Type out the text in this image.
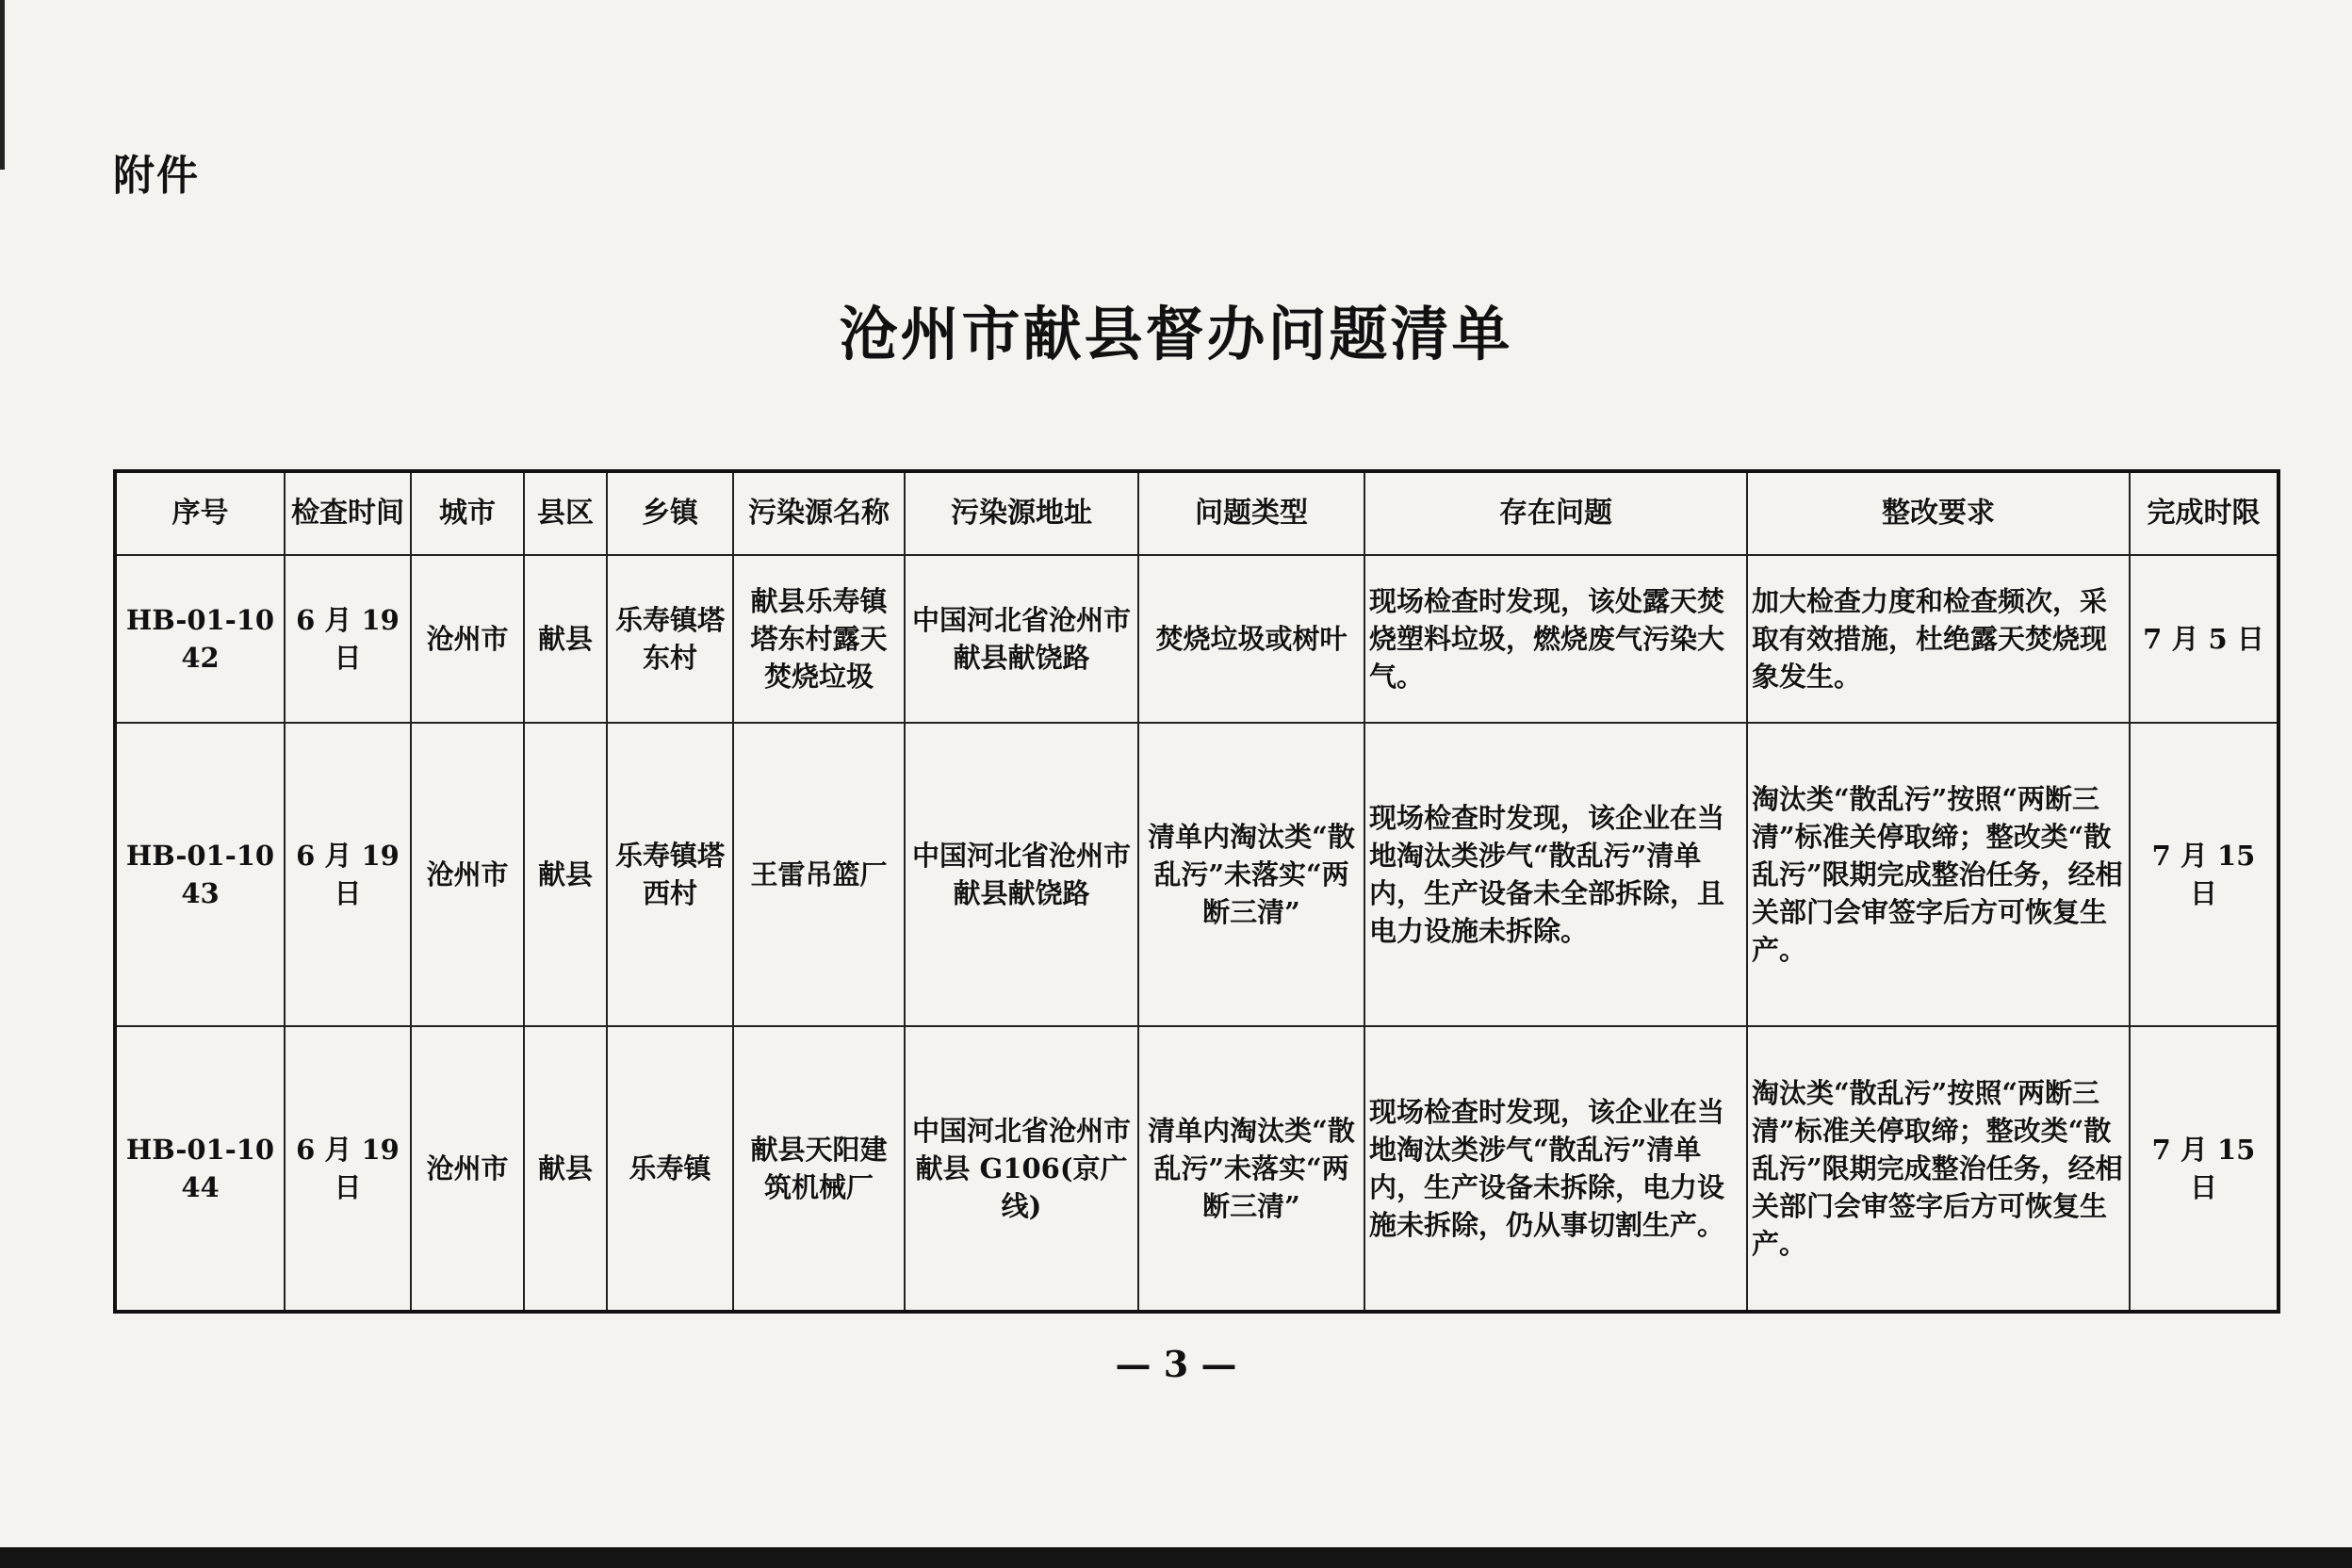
附件
沧州市献县督办问题清单
序号	检查时间	城市	县区	乡镇	污染源名称	污染源地址	问题类型	存在问题	整改要求	完成时限
HB-01-1042	6 月 19 日	沧州市	献县	乐寿镇塔东村	献县乐寿镇塔东村露天焚烧垃圾	中国河北省沧州市献县献饶路	焚烧垃圾或树叶	现场检查时发现，该处露天焚烧塑料垃圾，燃烧废气污染大气。	加大检查力度和检查频次，采取有效措施，杜绝露天焚烧现象发生。	7 月 5 日
HB-01-1043	6 月 19 日	沧州市	献县	乐寿镇塔西村	王雷吊篮厂	中国河北省沧州市献县献饶路	清单内淘汰类“散乱污”未落实“两断三清”	现场检查时发现，该企业在当地淘汰类涉气“散乱污”清单内，生产设备未全部拆除，且电力设施未拆除。	淘汰类“散乱污”按照“两断三清”标准关停取缔；整改类“散乱污”限期完成整治任务，经相关部门会审签字后方可恢复生产。	7 月 15 日
HB-01-1044	6 月 19 日	沧州市	献县	乐寿镇	献县天阳建筑机械厂	中国河北省沧州市献县 G106(京广线)	清单内淘汰类“散乱污”未落实“两断三清”	现场检查时发现，该企业在当地淘汰类涉气“散乱污”清单内，生产设备未拆除，电力设施未拆除，仍从事切割生产。	淘汰类“散乱污”按照“两断三清”标准关停取缔；整改类“散乱污”限期完成整治任务，经相关部门会审签字后方可恢复生产。	7 月 15 日
— 3 —
